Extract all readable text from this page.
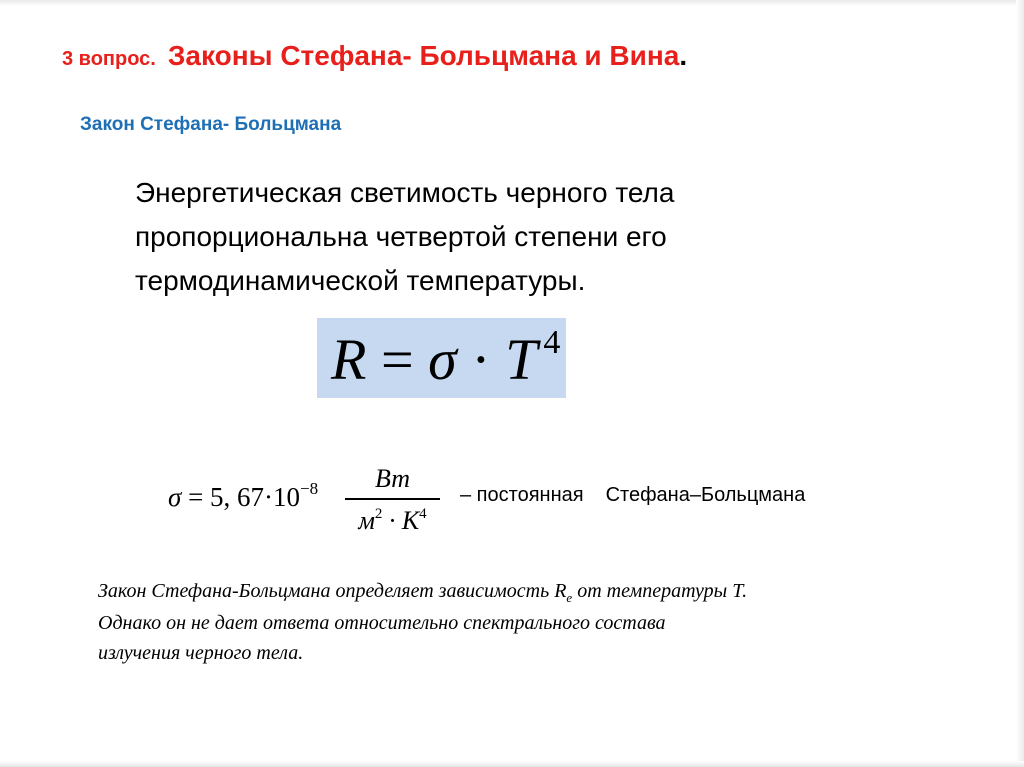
3 вопрос. Законы Стефана- Больцмана и Вина.
Закон Стефана- Больцмана
Энергетическая светимость черного тела
пропорциональна четвертой степени его
термодинамической температуры.
R = σ · T $^4$
σ = 5, $67\cdot 10^{-8}$	Вт
$м^2 \cdot К^4$
– постоянная Стефана–Больцмана
Закон Стефана-Больцмана определяет зависимость $R_e$ от температуры Т.
Однако он не дает ответа относительно спектрального состава
излучения черного тела.
